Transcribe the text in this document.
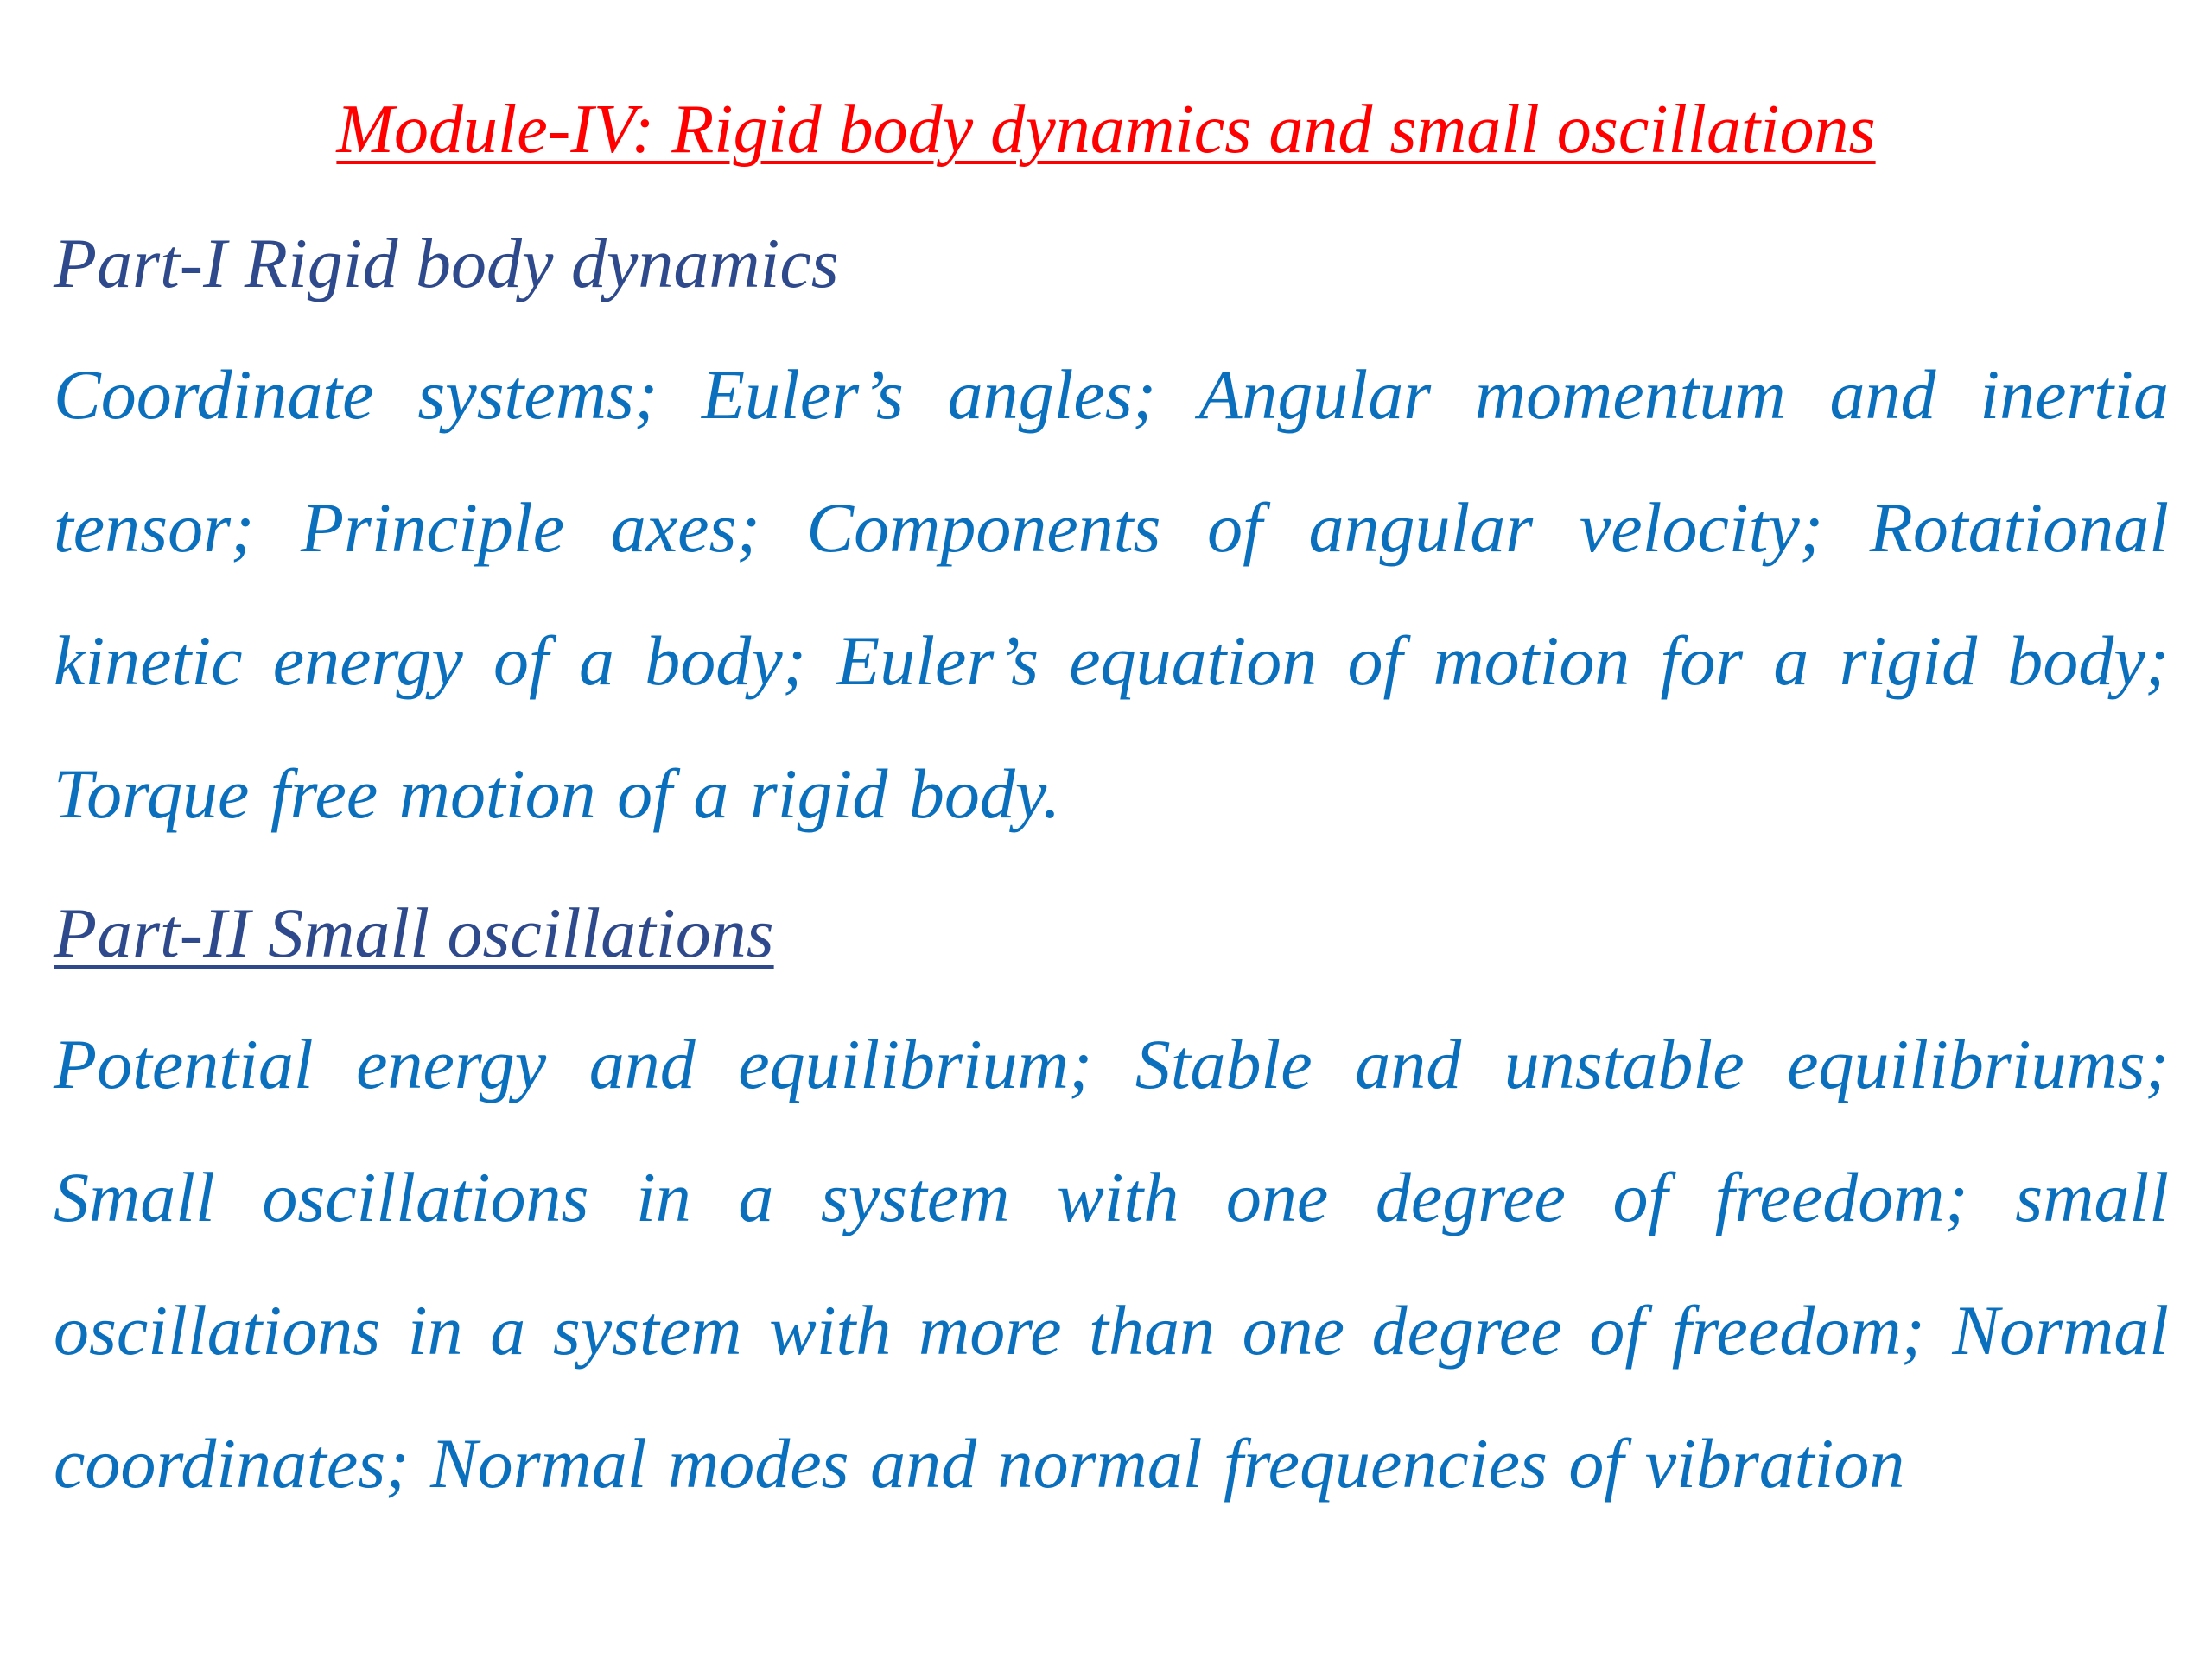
Module-IV: Rigid body dynamics and small oscillations
Part-I Rigid body dynamics

Coordinate systems; Euler’s angles; Angular momentum and inertia tensor; Principle axes; Components of angular velocity; Rotational kinetic energy of a body; Euler’s equation of motion for a rigid body; Torque free motion of a rigid body.

Part-II Small oscillations

Potential energy and equilibrium; Stable and unstable equilibriums; Small oscillations in a system with one degree of freedom; small oscillations in a system with more than one degree of freedom; Normal coordinates; Normal modes and normal frequencies of vibration
